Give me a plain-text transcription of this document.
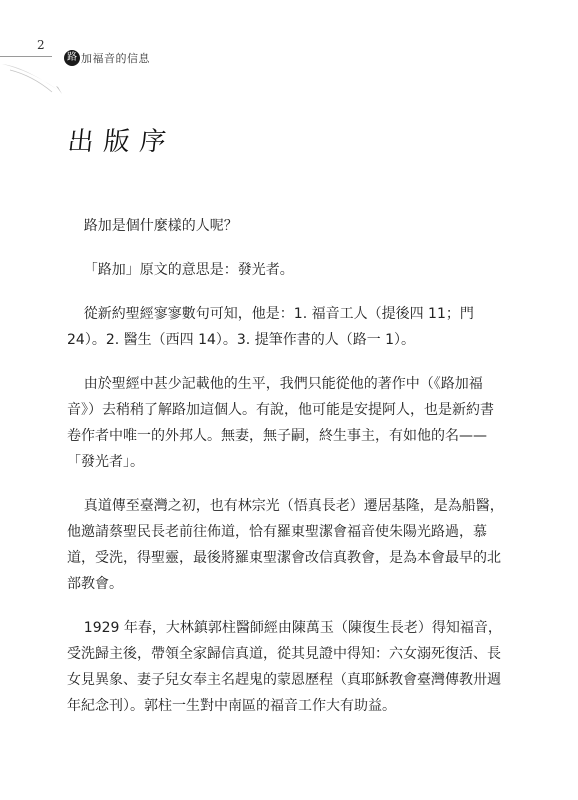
2
路 加福音的信息
出版序

路加是個什麼樣的人呢？

「路加」原文的意思是：發光者。

從新約聖經寥寥數句可知，他是：1. 福音工人（提後四 11；門 24）。2. 醫生（西四 14）。3. 提筆作書的人（路一 1）。

由於聖經中甚少記載他的生平，我們只能從他的著作中（《路加福音》）去稍稍了解路加這個人。有說，他可能是安提阿人，也是新約書卷作者中唯一的外邦人。無妻，無子嗣，終生事主，有如他的名——「發光者」。

真道傳至臺灣之初，也有林宗光（悟真長老）遷居基隆，是為船醫，他邀請蔡聖民長老前往佈道，恰有羅東聖潔會福音使朱陽光路過，慕道，受洗，得聖靈，最後將羅東聖潔會改信真教會，是為本會最早的北部教會。

1929 年春，大林鎮郭柱醫師經由陳萬玉（陳復生長老）得知福音，受洗歸主後，帶領全家歸信真道，從其見證中得知：六女溺死復活、長女見異象、妻子兒女奉主名趕鬼的蒙恩歷程（真耶穌教會臺灣傳教卅週年紀念刊）。郭柱一生對中南區的福音工作大有助益。
